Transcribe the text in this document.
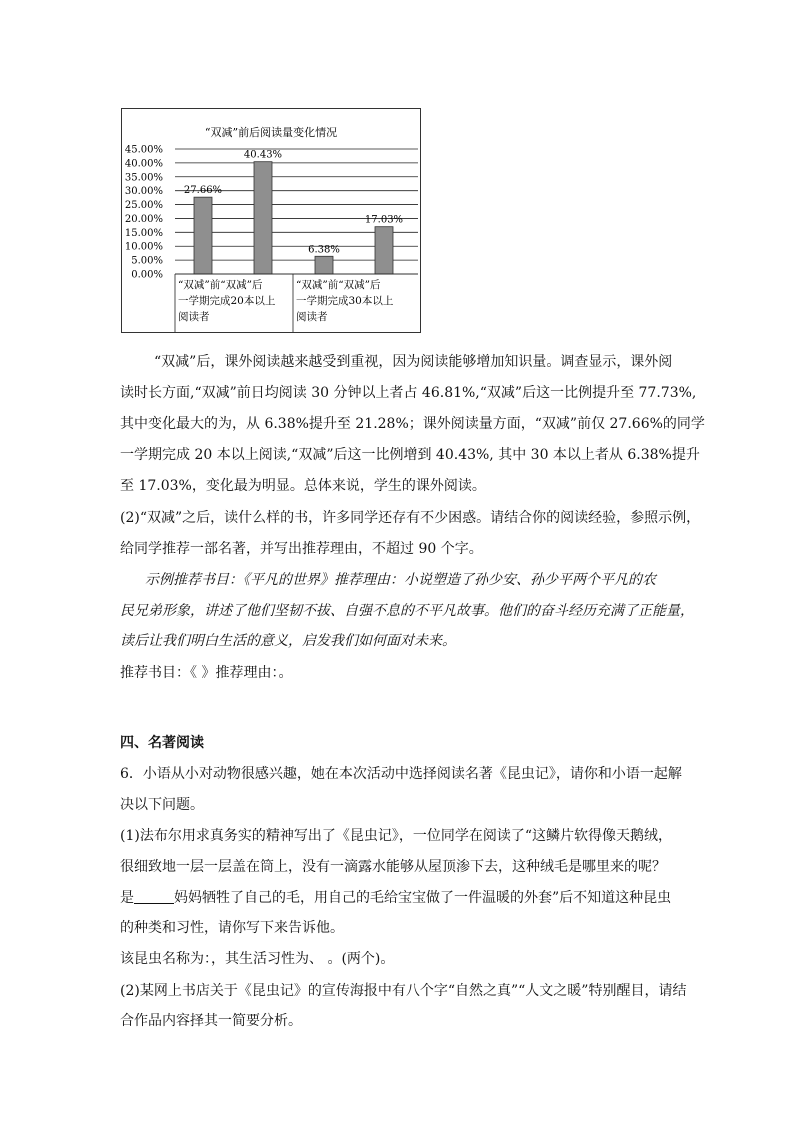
“双减”前后阅读量变化情况
45.00%
40.00%
35.00%
30.00%
25.00%
20.00%
15.00%
10.00%
5.00%
0.00%
27.66%
40.43%
6.38%
17.03%
“双减”前“双减”后
一学期完成20本以上
阅读者
“双减”前“双减”后
一学期完成30本以上
阅读者

“双减”后，课外阅读越来越受到重视，因为阅读能够增加知识量。调查显示，课外阅

读时长方面,“双减”前日均阅读 30 分钟以上者占 46.81%,“双减”后这一比例提升至 77.73%,

其中变化最大的为，从 6.38%提升至 21.28%；课外阅读量方面，“双减”前仅 27.66%的同学

一学期完成 20 本以上阅读,“双减”后这一比例增到 40.43%, 其中 30 本以上者从 6.38%提升

至 17.03%，变化最为明显。总体来说，学生的课外阅读。

(2)“双减”之后，读什么样的书，许多同学还存有不少困惑。请结合你的阅读经验，参照示例，

给同学推荐一部名著，并写出推荐理由，不超过 90 个字。

示例推荐书目：《平凡的世界》推荐理由：小说塑造了孙少安、孙少平两个平凡的农

民兄弟形象，讲述了他们坚韧不拔、自强不息的不平凡故事。他们的奋斗经历充满了正能量，

读后让我们明白生活的意义，启发我们如何面对未来。

推荐书目：《 》推荐理由：。

四、名著阅读

6．小语从小对动物很感兴趣，她在本次活动中选择阅读名著《昆虫记》，请你和小语一起解

决以下问题。

(1)法布尔用求真务实的精神写出了《昆虫记》，一位同学在阅读了“这鳞片软得像天鹅绒，

很细致地一层一层盖在筒上，没有一滴露水能够从屋顶渗下去，这种绒毛是哪里来的呢？

是	妈妈牺牲了自己的毛，用自己的毛给宝宝做了一件温暖的外套”后不知道这种昆虫

的种类和习性，请你写下来告诉他。

该昆虫名称为：，其生活习性为、 。(两个)。

(2)某网上书店关于《昆虫记》的宣传海报中有八个字“自然之真”“人文之暖”特别醒目，请结

合作品内容择其一简要分析。
